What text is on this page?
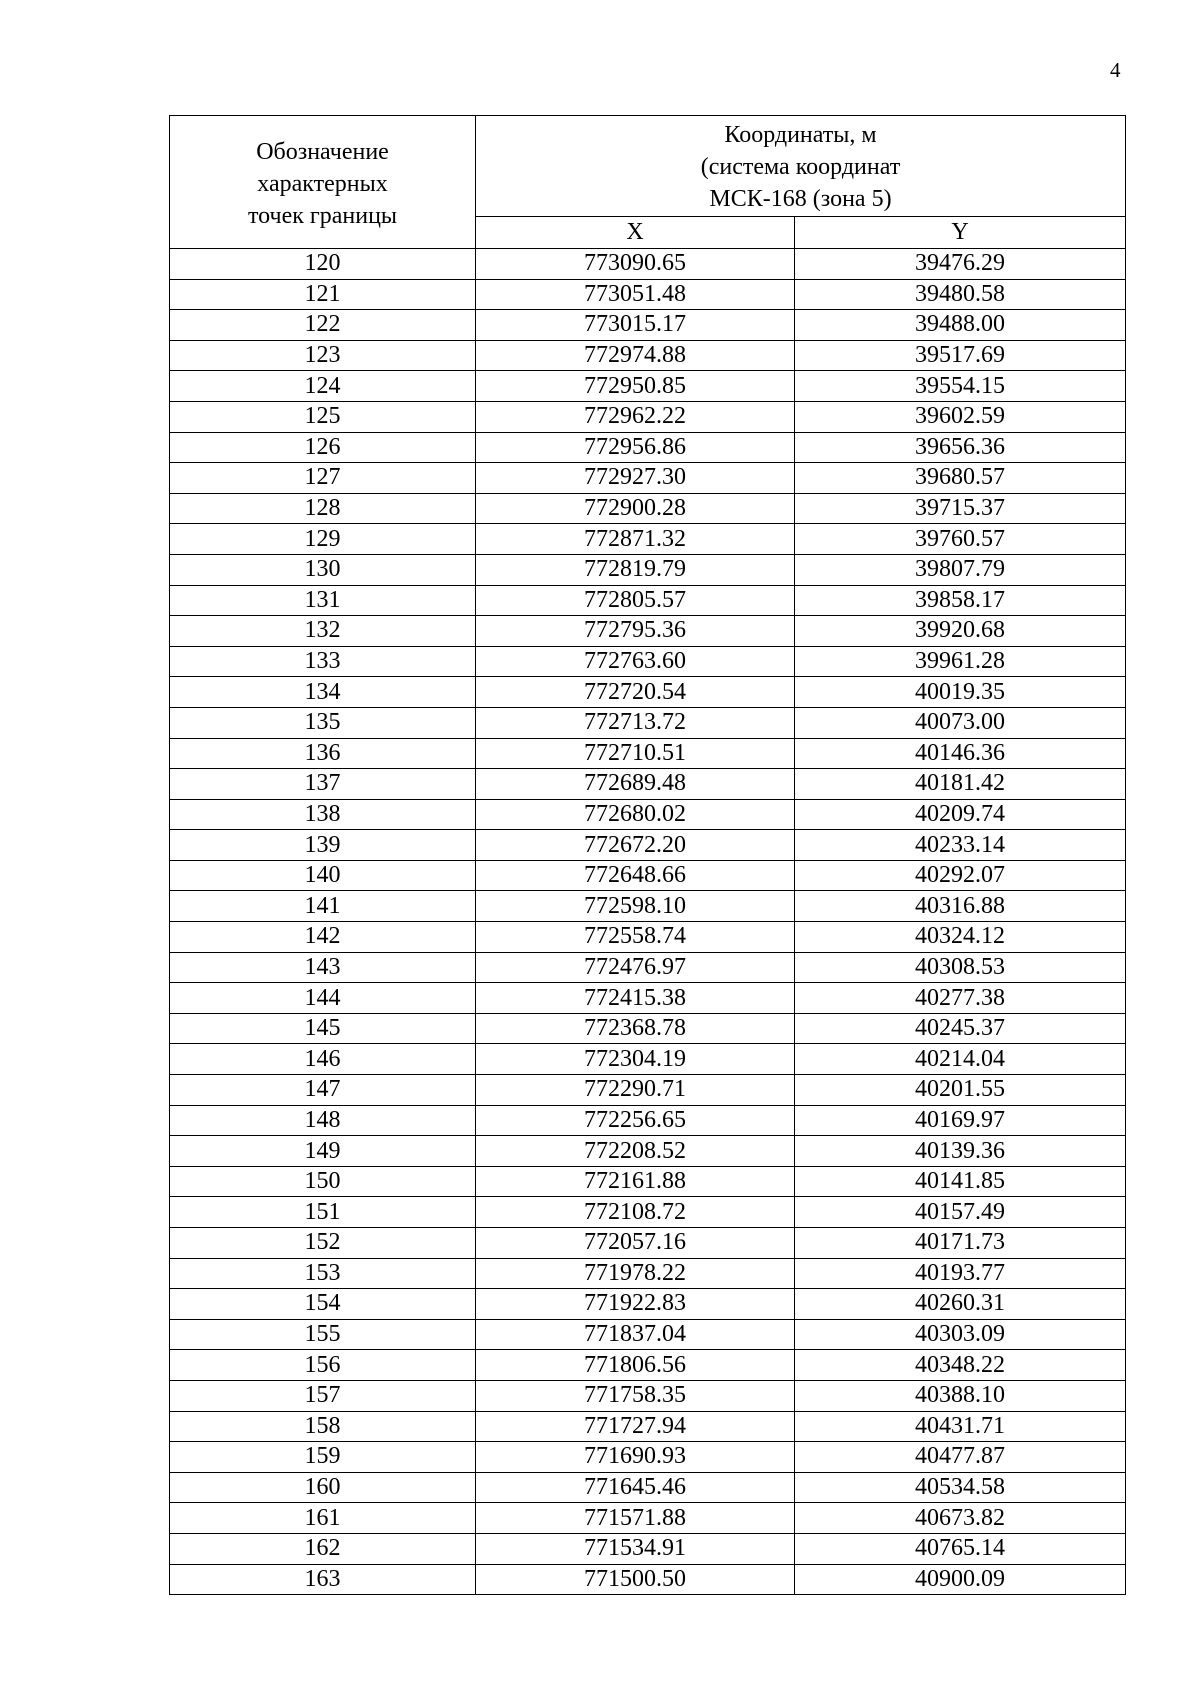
4
Обозначение
характерных
точек границы	Координаты, м
(система координат
МСК-168 (зона 5)	

	X	Y
120	773090.65	39476.29
121	773051.48	39480.58
122	773015.17	39488.00
123	772974.88	39517.69
124	772950.85	39554.15
125	772962.22	39602.59
126	772956.86	39656.36
127	772927.30	39680.57
128	772900.28	39715.37
129	772871.32	39760.57
130	772819.79	39807.79
131	772805.57	39858.17
132	772795.36	39920.68
133	772763.60	39961.28
134	772720.54	40019.35
135	772713.72	40073.00
136	772710.51	40146.36
137	772689.48	40181.42
138	772680.02	40209.74
139	772672.20	40233.14
140	772648.66	40292.07
141	772598.10	40316.88
142	772558.74	40324.12
143	772476.97	40308.53
144	772415.38	40277.38
145	772368.78	40245.37
146	772304.19	40214.04
147	772290.71	40201.55
148	772256.65	40169.97
149	772208.52	40139.36
150	772161.88	40141.85
151	772108.72	40157.49
152	772057.16	40171.73
153	771978.22	40193.77
154	771922.83	40260.31
155	771837.04	40303.09
156	771806.56	40348.22
157	771758.35	40388.10
158	771727.94	40431.71
159	771690.93	40477.87
160	771645.46	40534.58
161	771571.88	40673.82
162	771534.91	40765.14
163	771500.50	40900.09
